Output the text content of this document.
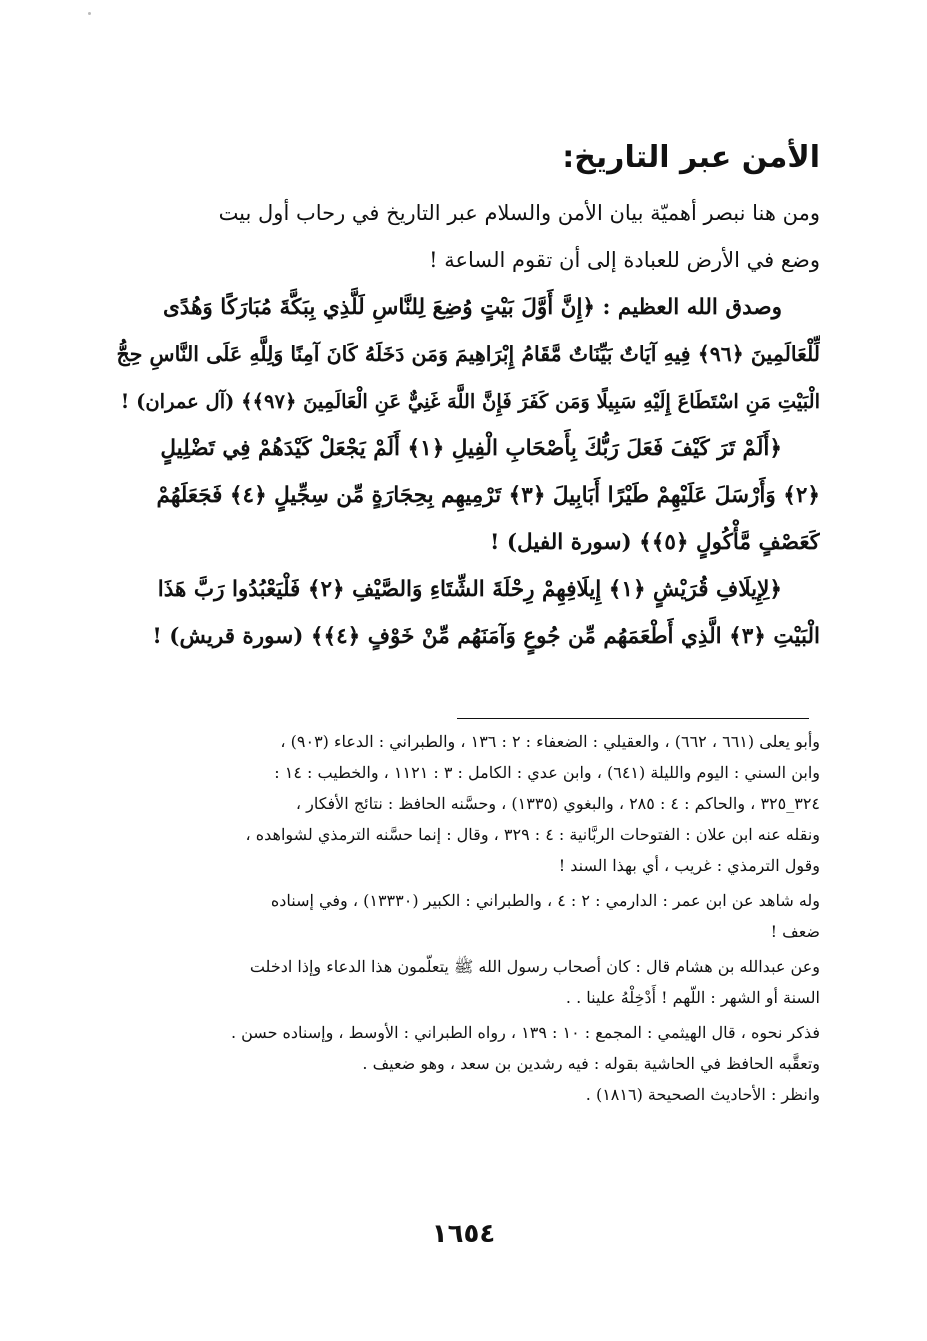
الأمن عبر التاريخ:
ومن هنا نبصر أهميّة بيان الأمن والسلام عبر التاريخ في رحاب أول بيت
وضع في الأرض للعبادة إلى أن تقوم الساعة !
وصدق الله العظيم : ﴿إِنَّ أَوَّلَ بَيْتٍ وُضِعَ لِلنَّاسِ لَلَّذِي بِبَكَّةَ مُبَارَكًا وَهُدًى
لِّلْعَالَمِينَ ﴿٩٦﴾ فِيهِ آيَاتٌ بَيِّنَاتٌ مَّقَامُ إِبْرَاهِيمَ وَمَن دَخَلَهُ كَانَ آمِنًا وَلِلَّهِ عَلَى النَّاسِ حِجُّ
الْبَيْتِ مَنِ اسْتَطَاعَ إِلَيْهِ سَبِيلًا وَمَن كَفَرَ فَإِنَّ اللَّهَ غَنِيٌّ عَنِ الْعَالَمِينَ ﴿٩٧﴾﴾ (آل عمران) !
﴿أَلَمْ تَرَ كَيْفَ فَعَلَ رَبُّكَ بِأَصْحَابِ الْفِيلِ ﴿١﴾ أَلَمْ يَجْعَلْ كَيْدَهُمْ فِي تَضْلِيلٍ
﴿٢﴾ وَأَرْسَلَ عَلَيْهِمْ طَيْرًا أَبَابِيلَ ﴿٣﴾ تَرْمِيهِم بِحِجَارَةٍ مِّن سِجِّيلٍ ﴿٤﴾ فَجَعَلَهُمْ
كَعَصْفٍ مَّأْكُولٍ ﴿٥﴾﴾ (سورة الفيل) !
﴿لِإِيلَافِ قُرَيْشٍ ﴿١﴾ إِيلَافِهِمْ رِحْلَةَ الشِّتَاءِ وَالصَّيْفِ ﴿٢﴾ فَلْيَعْبُدُوا رَبَّ هَذَا
الْبَيْتِ ﴿٣﴾ الَّذِي أَطْعَمَهُم مِّن جُوعٍ وَآمَنَهُم مِّنْ خَوْفٍ ﴿٤﴾﴾ (سورة قريش) !
وأبو يعلى (٦٦١ ، ٦٦٢) ، والعقيلي : الضعفاء : ٢ : ١٣٦ ، والطبراني : الدعاء (٩٠٣) ،
وابن السني : اليوم والليلة (٦٤١) ، وابن عدي : الكامل : ٣ : ١١٢١ ، والخطيب : ١٤ :
٣٢٤_٣٢٥ ، والحاكم : ٤ : ٢٨٥ ، والبغوي (١٣٣٥) ، وحسَّنه الحافظ : نتائج الأفكار ،
ونقله عنه ابن علان : الفتوحات الربَّانية : ٤ : ٣٢٩ ، وقال : إنما حسَّنه الترمذي لشواهده ،
وقول الترمذي : غريب ، أي بهذا السند !
وله شاهد عن ابن عمر : الدارمي : ٢ : ٤ ، والطبراني : الكبير (١٣٣٣٠) ، وفي إسناده
ضعف !
وعن عبدالله بن هشام قال : كان أصحاب رسول الله ﷺ يتعلّمون هذا الدعاء وإذا ادخلت
السنة أو الشهر : اللّهم ! أَدْخِلْهُ علينا . .
فذكر نحوه ، قال الهيثمي : المجمع : ١٠ : ١٣٩ ، رواه الطبراني : الأوسط ، وإسناده حسن .
وتعقَّبه الحافظ في الحاشية بقوله : فيه رشدين بن سعد ، وهو ضعيف .
وانظر : الأحاديث الصحيحة (١٨١٦) .
١٦٥٤
